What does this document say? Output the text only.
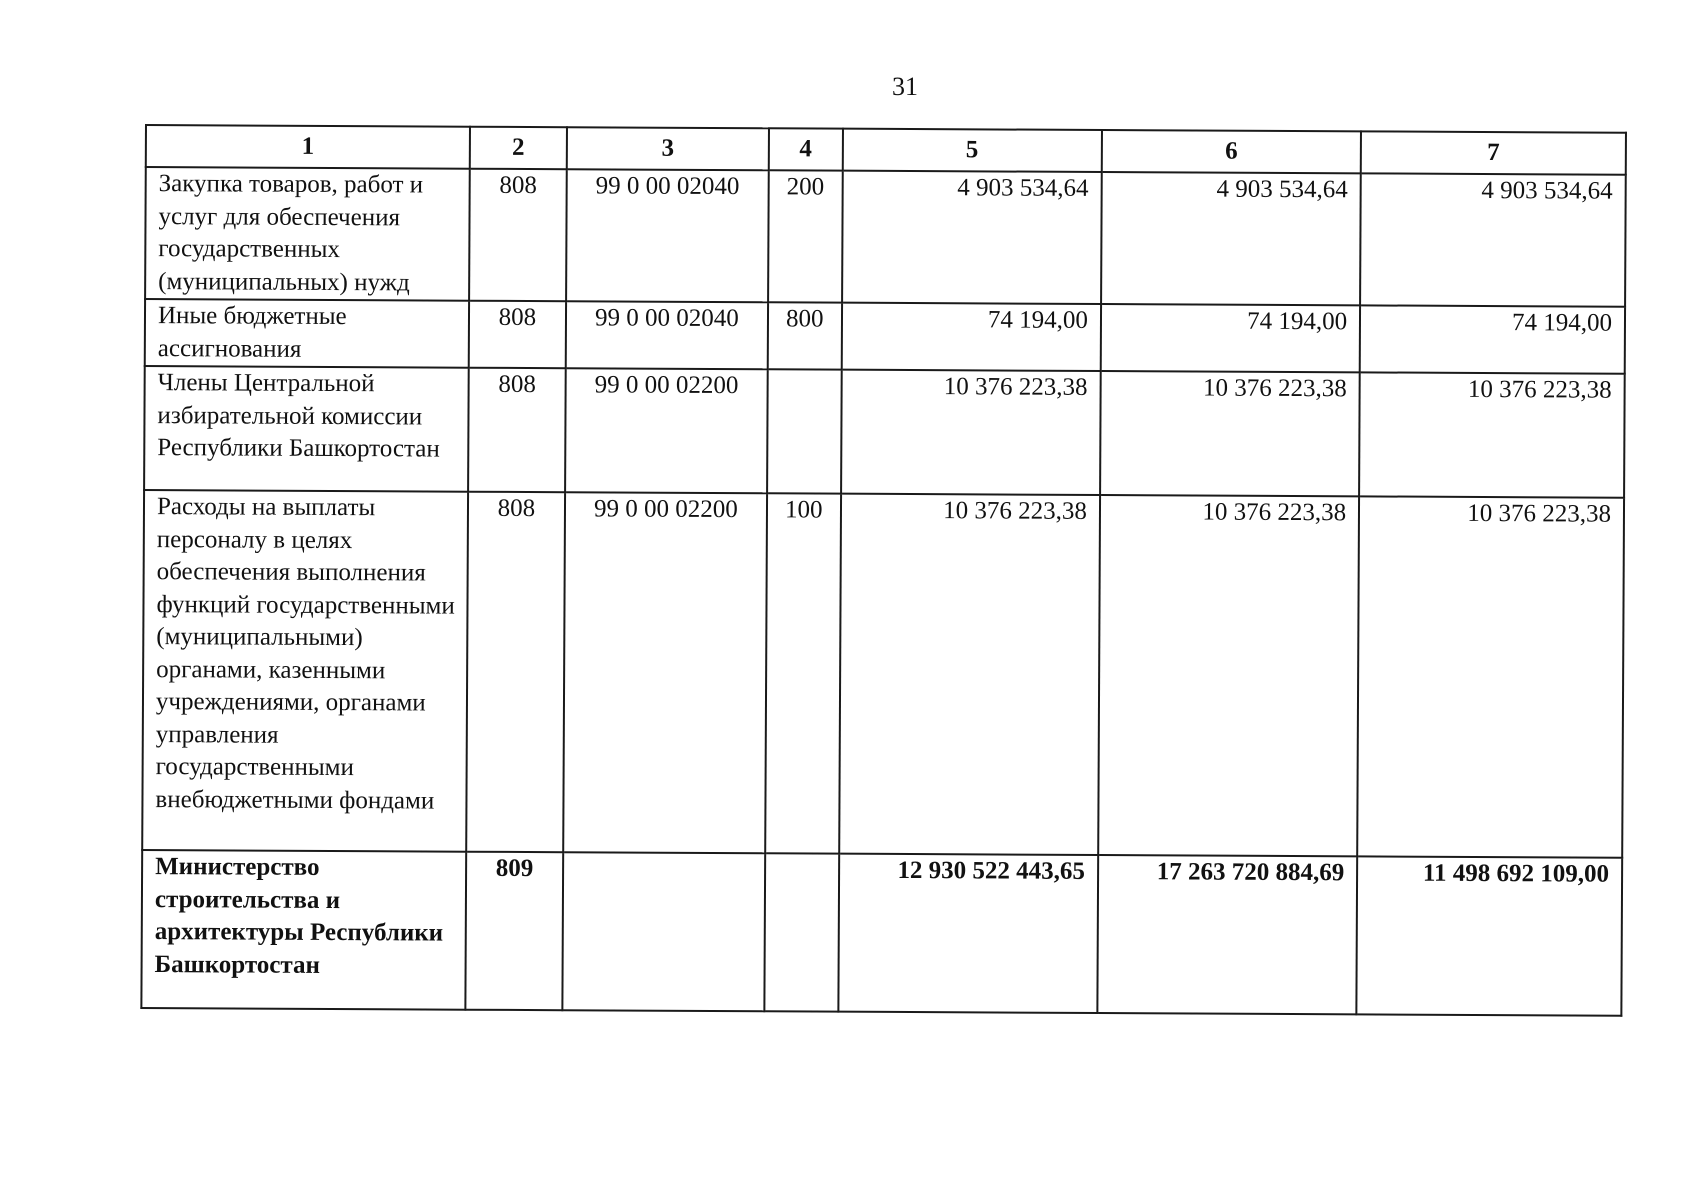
31
1	2	3	4	5	6	7
Закупка товаров, работ и услуг для обеспечения государственных (муниципальных) нужд	808	99 0 00 02040	200	4 903 534,64	4 903 534,64	4 903 534,64
Иные бюджетные ассигнования	808	99 0 00 02040	800	74 194,00	74 194,00	74 194,00
Члены Центральной избирательной комиссии Республики Башкортостан	808	99 0 00 02200		10 376 223,38	10 376 223,38	10 376 223,38
Расходы на выплаты персоналу в целях обеспечения выполнения функций государственными (муниципальными) органами, казенными учреждениями, органами управления государственными внебюджетными фондами	808	99 0 00 02200	100	10 376 223,38	10 376 223,38	10 376 223,38
Министерство строительства и архитектуры Республики Башкортостан	809			12 930 522 443,65	17 263 720 884,69	11 498 692 109,00
